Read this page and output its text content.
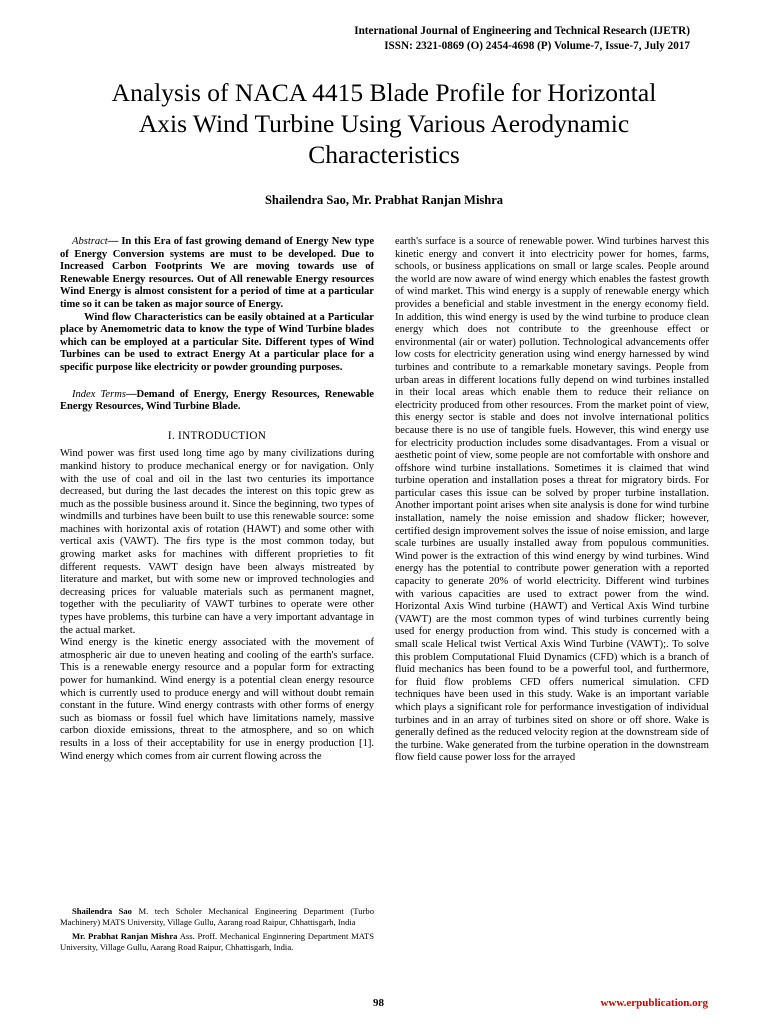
International Journal of Engineering and Technical Research (IJETR)
ISSN: 2321-0869 (O) 2454-4698 (P) Volume-7, Issue-7, July 2017
Analysis of NACA 4415 Blade Profile for Horizontal
Axis Wind Turbine Using Various Aerodynamic
Characteristics
Shailendra Sao, Mr. Prabhat Ranjan Mishra

Abstract— In this Era of fast growing demand of Energy New type of Energy Conversion systems are must to be developed. Due to Increased Carbon Footprints We are moving towards use of Renewable Energy resources. Out of All renewable Energy resources Wind Energy is almost consistent for a period of time at a particular time so it can be taken as major source of Energy.

Wind flow Characteristics can be easily obtained at a Particular place by Anemometric data to know the type of Wind Turbine blades which can be employed at a particular Site. Different types of Wind Turbines can be used to extract Energy At a particular place for a specific purpose like electricity or powder grounding purposes.

Index Terms—Demand of Energy, Energy Resources, Renewable Energy Resources, Wind Turbine Blade.

I. INTRODUCTION

Wind power was first used long time ago by many civilizations during mankind history to produce mechanical energy or for navigation. Only with the use of coal and oil in the last two centuries its importance decreased, but during the last decades the interest on this topic grew as much as the possible business around it. Since the beginning, two types of windmills and turbines have been built to use this renewable source: some machines with horizontal axis of rotation (HAWT) and some other with vertical axis (VAWT). The firs type is the most common today, but growing market asks for machines with different proprieties to fit different requests. VAWT design have been always mistreated by literature and market, but with some new or improved technologies and decreasing prices for valuable materials such as permanent magnet, together with the peculiarity of VAWT turbines to operate were other types have problems, this turbine can have a very important advantage in the actual market.

Wind energy is the kinetic energy associated with the movement of atmospheric air due to uneven heating and cooling of the earth's surface. This is a renewable energy resource and a popular form for extracting power for humankind. Wind energy is a potential clean energy resource which is currently used to produce energy and will without doubt remain constant in the future. Wind energy contrasts with other forms of energy such as biomass or fossil fuel which have limitations namely, massive carbon dioxide emissions, threat to the atmosphere, and so on which results in a loss of their acceptability for use in energy production [1]. Wind energy which comes from air current flowing across the

earth's surface is a source of renewable power. Wind turbines harvest this kinetic energy and convert it into electricity power for homes, farms, schools, or business applications on small or large scales. People around the world are now aware of wind energy which enables the fastest growth of wind market. This wind energy is a supply of renewable energy which provides a beneficial and stable investment in the energy economy field. In addition, this wind energy is used by the wind turbine to produce clean energy which does not contribute to the greenhouse effect or environmental (air or water) pollution. Technological advancements offer low costs for electricity generation using wind energy harnessed by wind turbines and contribute to a remarkable monetary savings. People from urban areas in different locations fully depend on wind turbines installed in their local areas which enable them to reduce their reliance on electricity produced from other resources. From the market point of view, this energy sector is stable and does not involve international politics because there is no use of tangible fuels. However, this wind energy use for electricity production includes some disadvantages. From a visual or aesthetic point of view, some people are not comfortable with onshore and offshore wind turbine installations. Sometimes it is claimed that wind turbine operation and installation poses a threat for migratory birds. For particular cases this issue can be solved by proper turbine installation. Another important point arises when site analysis is done for wind turbine installation, namely the noise emission and shadow flicker; however, certified design improvement solves the issue of noise emission, and large scale turbines are usually installed away from populous communities. Wind power is the extraction of this wind energy by wind turbines. Wind energy has the potential to contribute power generation with a reported capacity to generate 20% of world electricity. Different wind turbines with various capacities are used to extract power from the wind. Horizontal Axis Wind turbine (HAWT) and Vertical Axis Wind turbine (VAWT) are the most common types of wind turbines currently being used for energy production from wind. This study is concerned with a small scale Helical twist Vertical Axis Wind Turbine (VAWT);. To solve this problem Computational Fluid Dynamics (CFD) which is a branch of fluid mechanics has been found to be a powerful tool, and furthermore, for fluid flow problems CFD offers numerical simulation. CFD techniques have been used in this study. Wake is an important variable which plays a significant role for performance investigation of individual turbines and in an array of turbines sited on shore or off shore. Wake is generally defined as the reduced velocity region at the downstream side of the turbine. Wake generated from the turbine operation in the downstream flow field cause power loss for the arrayed

Shailendra Sao M. tech Scholer Mechanical Engineering Department (Turbo Machinery) MATS University, Village Gullu, Aarang road Raipur, Chhattisgarh, India

Mr. Prabhat Ranjan Mishra Ass. Proff. Mechanical Enginnering Department MATS University, Village Gullu, Aarang Road Raipur, Chhattisgarh, India.

98	www.erpublication.org
